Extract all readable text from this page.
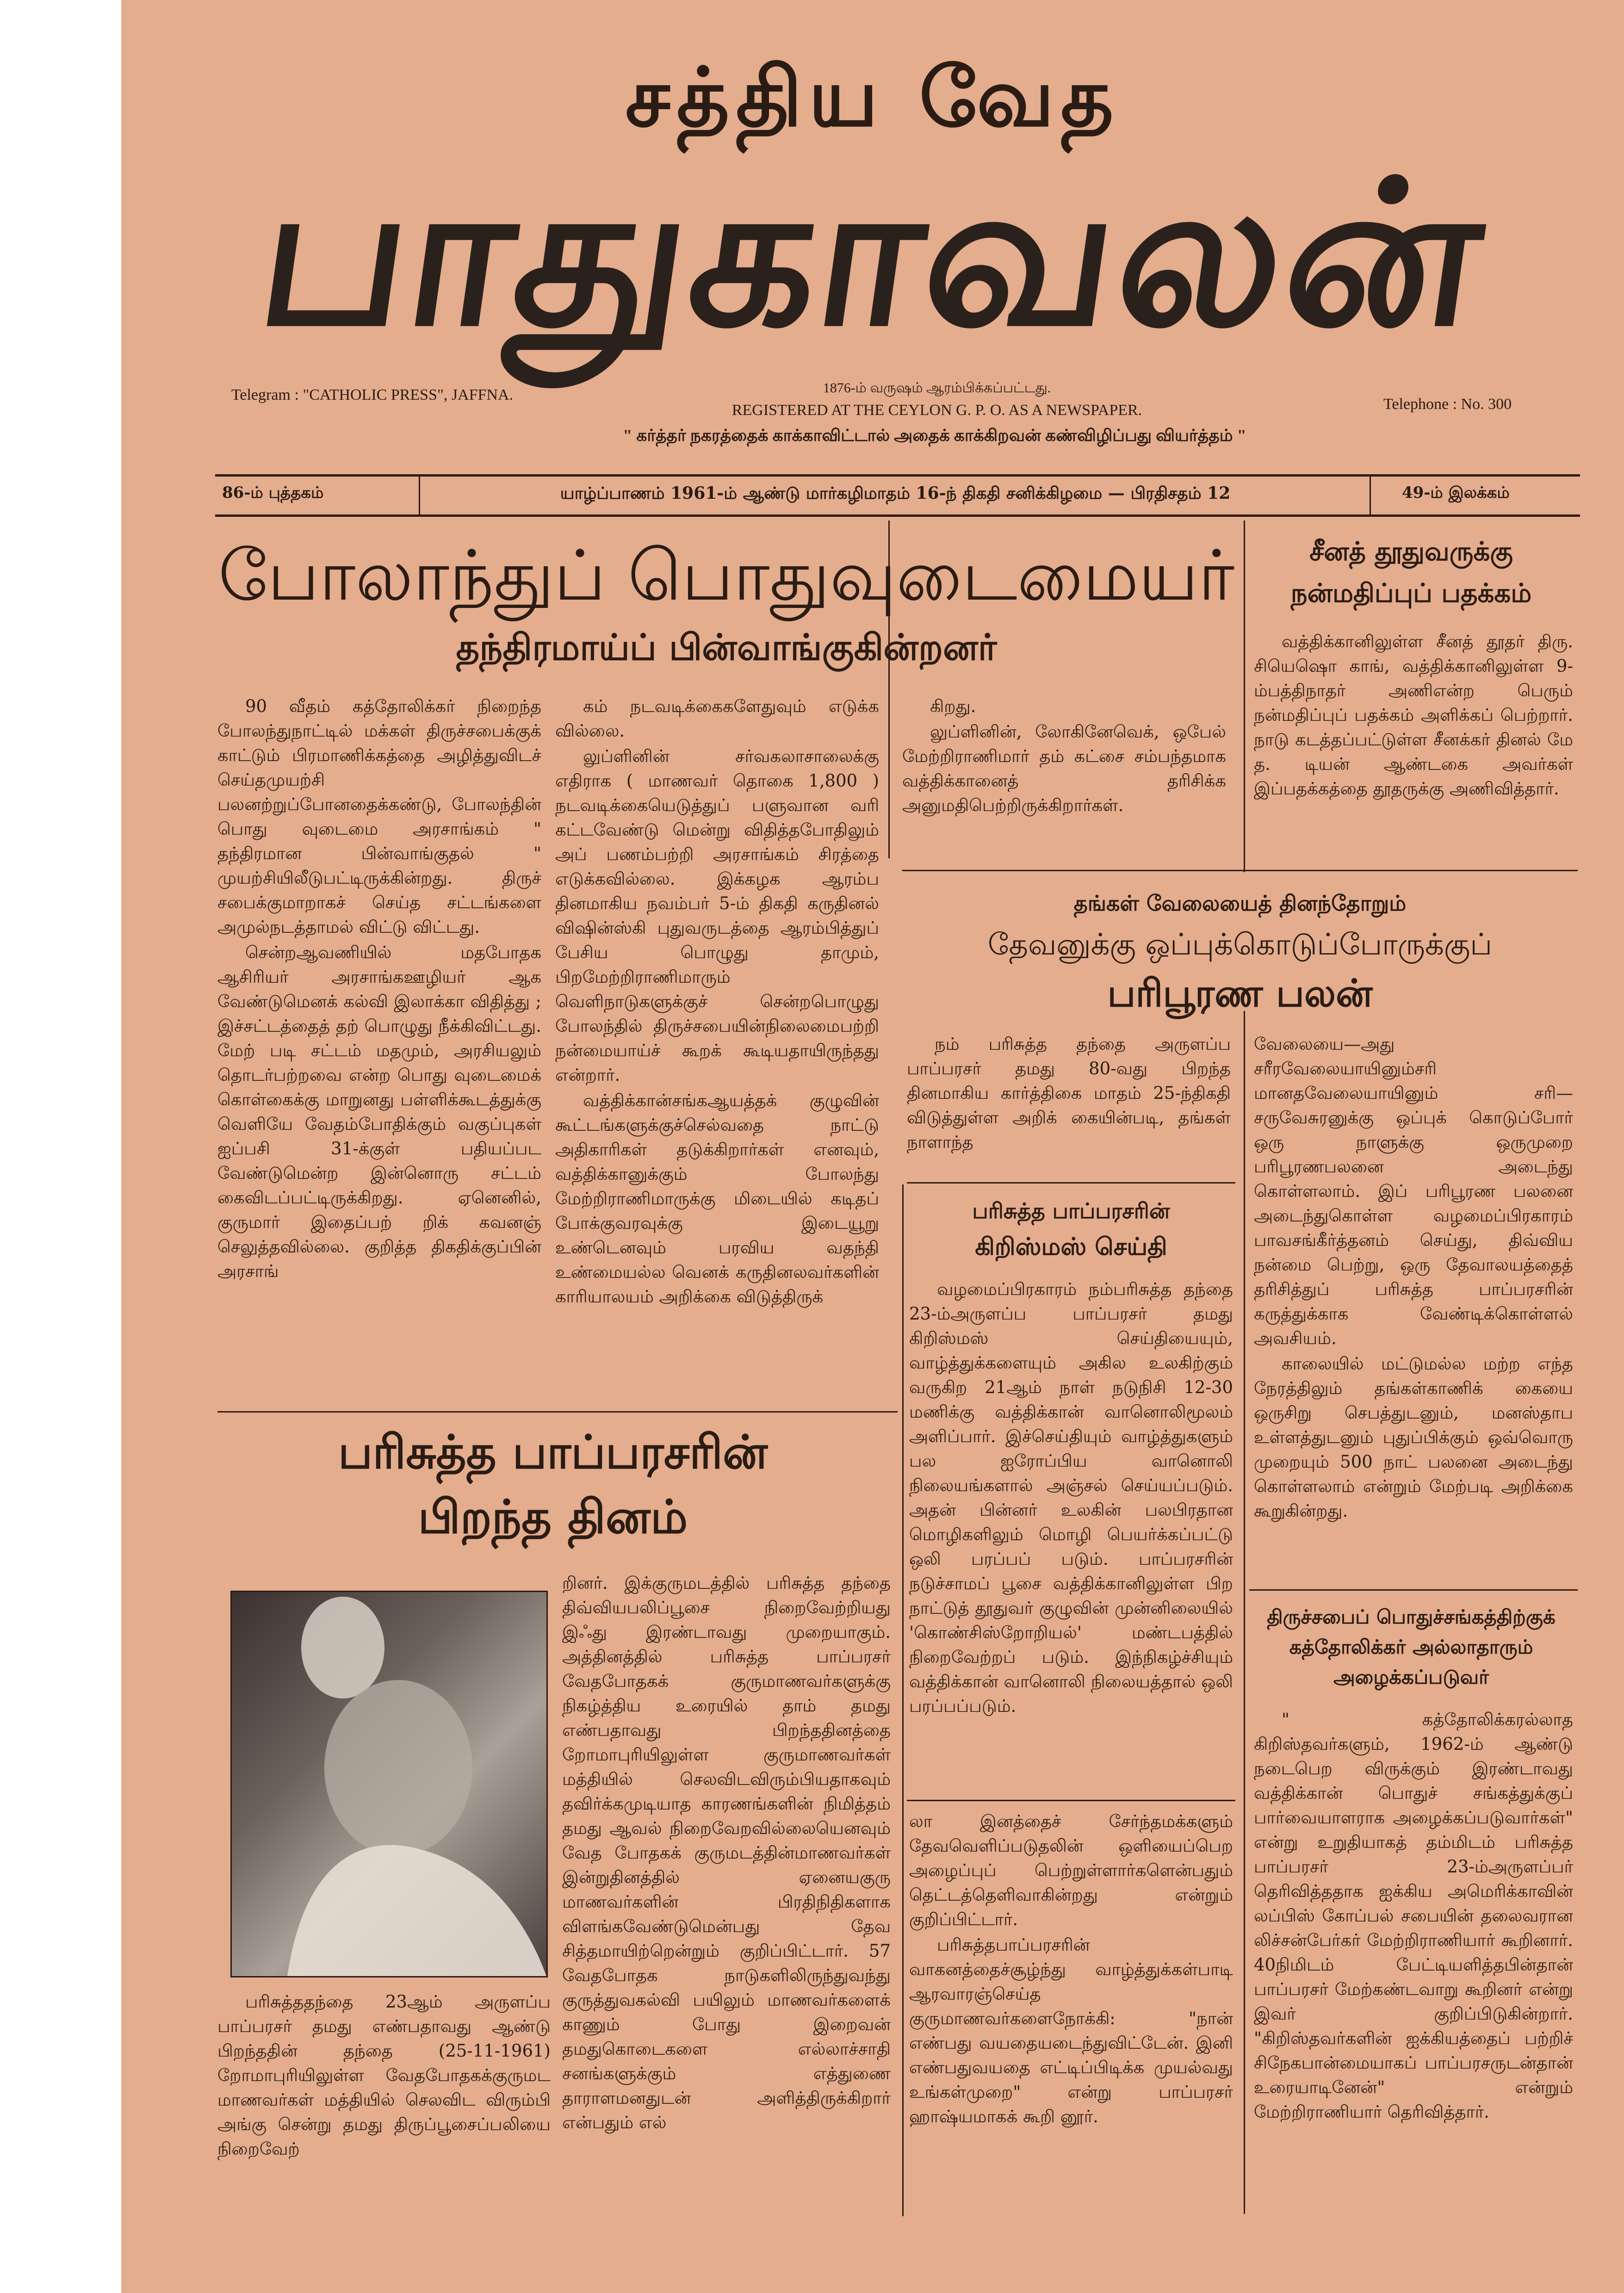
சத்திய வேத
பாதுகாவலன்
Telegram : "CATHOLIC PRESS", JAFFNA.	1876-ம் வருஷம் ஆரம்பிக்கப்பட்டது.
REGISTERED AT THE CEYLON G. P. O. AS A NEWSPAPER.	Telephone : No. 300
" கர்த்தர் நகரத்தைக் காக்காவிட்டால் அதைக் காக்கிறவன் கண்விழிப்பது வியர்த்தம் "
86-ம் புத்தகம்	யாழ்ப்பாணம் 1961-ம் ஆண்டு மார்கழிமாதம் 16-ந் திகதி சனிக்கிழமை — பிரதிசதம் 12	49-ம் இலக்கம்
போலாந்துப் பொதுவுடைமையர்
தந்திரமாய்ப் பின்வாங்குகின்றனர்

90 வீதம் கத்தோலிக்கர் நிறைந்த போலந்துநாட்டில் மக்கள் திருச்சபைக்குக் காட்டும் பிரமாணிக்கத்தை அழித்துவிடச் செய்தமுயற்சி பலனற்றுப்போனதைக்கண்டு, போலந்தின் பொது வுடைமை அரசாங்கம் " தந்திரமான பின்வாங்குதல் " முயற்சியிலீடுபட்டிருக்கின்றது. திருச் சபைக்குமாறாகச் செய்த சட்டங்களை அமுல்நடத்தாமல் விட்டு விட்டது.

சென்றஆவணியில் மதபோதக ஆசிரியர் அரசாங்கஊழியர் ஆக வேண்டுமெனக் கல்வி இலாக்கா விதித்து ; இச்சட்டத்தைத் தற் பொழுது நீக்கிவிட்டது. மேற் படி சட்டம் மதமும், அரசியலும் தொடர்பற்றவை என்ற பொது வுடைமைக் கொள்கைக்கு மாறுனது பள்ளிக்கூடத்துக்கு வெளியே வேதம்போதிக்கும் வகுப்புகள் ஐப்பசி 31-க்குள் பதியப்பட வேண்டுமென்ற இன்னொரு சட்டம் கைவிடப்பட்டிருக்கிறது. ஏனெனில், குருமார் இதைப்பற் றிக் கவனஞ் செலுத்தவில்லை. குறித்த திகதிக்குப்பின் அரசாங்

கம் நடவடிக்கைகளேதுவும் எடுக்க வில்லை.

லுப்ளினின் சர்வகலாசாலைக்கு எதிராக ( மாணவர் தொகை 1,800 ) நடவடிக்கையெடுத்துப் பளுவான வரி கட்டவேண்டு மென்று விதித்தபோதிலும் அப் பணம்பற்றி அரசாங்கம் சிரத்தை எடுக்கவில்லை. இக்கழக ஆரம்ப தினமாகிய நவம்பர் 5-ம் திகதி கருதினல் விஷின்ஸ்கி புதுவருடத்தை ஆரம்பித்துப் பேசிய பொழுது தாமும், பிறமேற்றிராணிமாரும் வெளிநாடுகளுக்குச் சென்றபொழுது போலந்தில் திருச்சபையின்நிலைமைபற்றி நன்மையாய்ச் கூறக் கூடியதாயிருந்தது என்றார்.

வத்திக்கான்சங்கஆயத்தக் குழுவின் கூட்டங்களுக்குச்செல்வதை நாட்டு அதிகாரிகள் தடுக்கிறார்கள் எனவும், வத்திக்கானுக்கும் போலந்து மேற்றிராணிமாருக்கு மிடையில் கடிதப் போக்குவரவுக்கு இடையூறு உண்டெனவும் பரவிய வதந்தி உண்மையல்ல வெனக் கருதினலவர்களின் காரியாலயம் அறிக்கை விடுத்திருக்

கிறது.

லுப்ளினின், லோகினேவெக், ஒபேல் மேற்றிராணிமார் தம் கட்சை சம்பந்தமாக வத்திக்கானைத் தரிசிக்க அனுமதிபெற்றிருக்கிறார்கள்.

சீனத் தூதுவருக்கு
நன்மதிப்புப் பதக்கம்

வத்திக்கானிலுள்ள சீனத் தூதர் திரு. சியெஷொ காங், வத்திக்கானிலுள்ள 9-ம்பத்திநாதர் அணிஎன்ற பெரும் நன்மதிப்புப் பதக்கம் அளிக்கப் பெற்றார். நாடு கடத்தப்பட்டுள்ள சீனக்கர் தினல் மே த. டியன் ஆண்டகை அவர்கள் இப்பதக்கத்தை தூதருக்கு அணிவித்தார்.

தங்கள் வேலையைத் தினந்தோறும்
தேவனுக்கு ஒப்புக்கொடுப்போருக்குப்
பரிபூரண பலன்

நம் பரிசுத்த தந்தை அருளப்ப பாப்பரசர் தமது 80-வது பிறந்த தினமாகிய கார்த்திகை மாதம் 25-ந்திகதி விடுத்துள்ள அறிக் கையின்படி, தங்கள் நாளாந்த

வேலையை—அது சரீரவேலையாயினும்சரி மானதவேலையாயினும் சரி—சருவேசுரனுக்கு ஒப்புக் கொடுப்போர் ஒரு நாளுக்கு ஒருமுறை பரிபூரணபலனை அடைந்து கொள்ளலாம். இப் பரிபூரண பலனை அடைந்துகொள்ள வழமைப்பிரகாரம் பாவசங்கீர்த்தனம் செய்து, திவ்விய நன்மை பெற்று, ஒரு தேவாலயத்தைத் தரிசித்துப் பரிசுத்த பாப்பரசரின் கருத்துக்காக வேண்டிக்கொள்ளல் அவசியம்.

காலையில் மட்டுமல்ல மற்ற எந்த நேரத்திலும் தங்கள்காணிக் கையை ஒருசிறு செபத்துடனும், மனஸ்தாப உள்ளத்துடனும் புதுப்பிக்கும் ஒவ்வொரு முறையும் 500 நாட் பலனை அடைந்து கொள்ளலாம் என்றும் மேற்படி அறிக்கை கூறுகின்றது.

பரிசுத்த பாப்பரசரின்
கிறிஸ்மஸ் செய்தி

வழமைப்பிரகாரம் நம்பரிசுத்த தந்தை 23-ம்அருளப்ப பாப்பரசர் தமது கிறிஸ்மஸ் செய்தியையும், வாழ்த்துக்களையும் அகில உலகிற்கும் வருகிற 21ஆம் நாள் நடுநிசி 12-30 மணிக்கு வத்திக்கான் வானொலிமூலம் அளிப்பார். இச்செய்தியும் வாழ்த்துகளும் பல ஐரோப்பிய வானொலி நிலையங்களால் அஞ்சல் செய்யப்படும். அதன் பின்னர் உலகின் பலபிரதான மொழிகளிலும் மொழி பெயர்க்கப்பட்டு ஒலி பரப்பப் படும். பாப்பரசரின் நடுச்சாமப் பூசை வத்திக்கானிலுள்ள பிற நாட்டுத் தூதுவர் குழுவின் முன்னிலையில் 'கொண்சிஸ்றோறியல்' மண்டபத்தில் நிறைவேற்றப் படும். இந்நிகழ்ச்சியும் வத்திக்கான் வானொலி நிலையத்தால் ஒலி பரப்பப்படும்.

பரிசுத்த பாப்பரசரின்
பிறந்த தினம்

பரிசுத்ததந்தை 23ஆம் அருளப்ப பாப்பரசர் தமது எண்பதாவது ஆண்டு பிறந்ததின் தந்தை (25-11-1961) றோமாபுரியிலுள்ள வேதபோதகக்குருமட மாணவர்கள் மத்தியில் செலவிட விரும்பி அங்கு சென்று தமது திருப்பூசைப்பலியை நிறைவேற்

றினர். இக்குருமடத்தில் பரிசுத்த தந்தை திவ்வியபலிப்பூசை நிறைவேற்றியது இஃது இரண்டாவது முறையாகும். அத்தினத்தில் பரிசுத்த பாப்பரசர் வேதபோதகக் குருமாணவர்களுக்கு நிகழ்த்திய உரையில் தாம் தமது எண்பதாவது பிறந்ததினத்தை றோமாபுரியிலுள்ள குருமாணவர்கள் மத்தியில் செலவிடவிரும்பியதாகவும் தவிர்க்கமுடியாத காரணங்களின் நிமித்தம் தமது ஆவல் நிறைவேறவில்லையெனவும் வேத போதகக் குருமடத்தின்மாணவர்கள் இன்றுதினத்தில் ஏனையகுரு மாணவர்களின் பிரதிநிதிகளாக விளங்கவேண்டுமென்பது தேவ சித்தமாயிற்றென்றும் குறிப்பிட்டார். 57 வேதபோதக நாடுகளிலிருந்துவந்து குருத்துவகல்வி பயிலும் மாணவர்களைக் காணும் போது இறைவன் தமதுகொடைகளை எல்லாச்சாதி சனங்களுக்கும் எத்துணை தாராளமனதுடன் அளித்திருக்கிறார் என்பதும் எல்

லா இனத்தைச் சேர்ந்தமக்களும் தேவவெளிப்படுதலின் ஒளியைப்பெற அழைப்புப் பெற்றுள்ளார்களென்பதும் தெட்டத்தெளிவாகின்றது என்றும் குறிப்பிட்டார்.

பரிசுத்தபாப்பரசரின் வாகனத்தைச்சூழ்ந்து வாழ்த்துக்கள்பாடி ஆரவாரஞ்செய்த குருமாணவர்களைநோக்கி: "நான் எண்பது வயதையடைந்துவிட்டேன். இனி எண்பதுவயதை எட்டிப்பிடிக்க முயல்வது உங்கள்முறை" என்று பாப்பரசர் ஹாஷ்யமாகக் கூறி னூர்.

திருச்சபைப் பொதுச்சங்கத்திற்குக்
கத்தோலிக்கர் அல்லாதாரும்
அழைக்கப்படுவர்

" கத்தோலிக்கரல்லாத கிறிஸ்தவர்களும், 1962-ம் ஆண்டு நடைபெற விருக்கும் இரண்டாவது வத்திக்கான் பொதுச் சங்கத்துக்குப் பார்வையாளராக அழைக்கப்படுவார்கள்" என்று உறுதியாகத் தம்மிடம் பரிசுத்த பாப்பரசர் 23-ம்அருளப்பர் தெரிவித்ததாக ஐக்கிய அமெரிக்காவின் லப்பிஸ் கோப்பல் சபையின் தலைவரான லிச்சன்பேர்கர் மேற்றிராணியார் கூறினார். 40நிமிடம் பேட்டியளித்தபின்தான் பாப்பரசர் மேற்கண்டவாறு கூறினர் என்று இவர் குறிப்பிடுகின்றார். "கிறிஸ்தவர்களின் ஐக்கியத்தைப் பற்றிச் சிநேகபான்மையாகப் பாப்பரசருடன்தான் உரையாடினேன்" என்றும் மேற்றிராணியார் தெரிவித்தார்.
